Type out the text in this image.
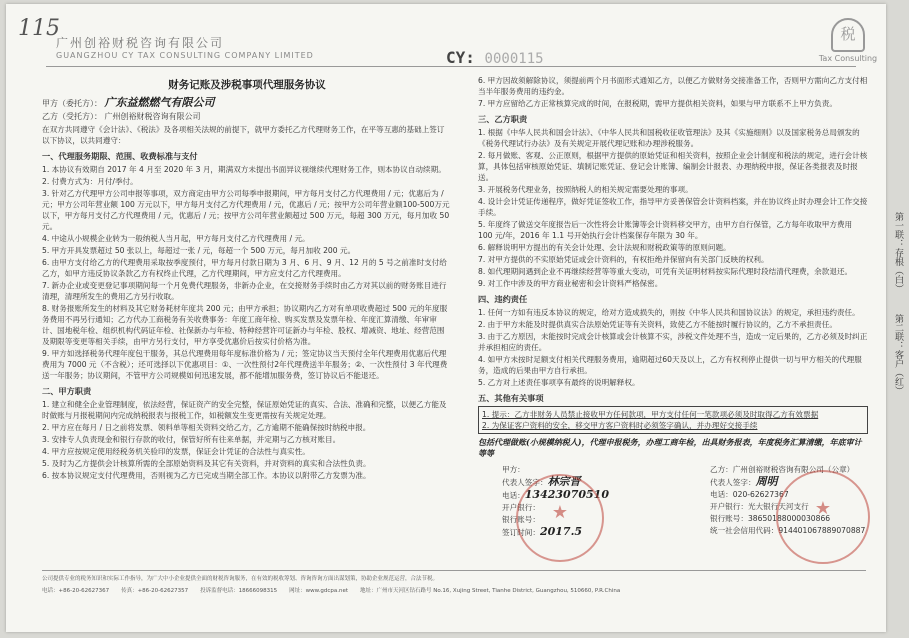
115
广州创裕财税咨询有限公司
GUANGZHOU CY TAX CONSULTING COMPANY LIMITED	CY: 0000115
税
Tax Consulting
财务记账及涉税事项代理服务协议
甲方（委托方）： 广东益燃燃气有限公司
乙方（受托方）： 广州创裕财税咨询有限公司
在双方共同遵守《会计法》、《税法》及各项相关法规的前提下，就甲方委托乙方代理财务工作，在平等互惠的基础上签订以下协议，以共同遵守：
一、代理服务期限、范围、收费标准与支付
1. 本协议有效期自 2017 年 4 月至 2020 年 3 月，期满双方未提出书面异议视继续代理财务工作，则本协议自动续期。
2. 付费方式为：月付/季付。
3. 针对乙方代理甲方公司申报等事项，双方商定由甲方公司每季申报期间，甲方每月支付乙方代理费用 / 元；优惠后为 / 元；甲方公司年营业额 100 万元以下，甲方每月支付乙方代理费用 / 元，优惠后 / 元；按甲方公司年营业额100-500万元以下，甲方每月支付乙方代理费用 / 元，优惠后 / 元；按甲方公司年营业额超过 500 万元，每超 300 万元，每月加收 50 元。
4. 中途从小规模企业转为一般纳税人当月起，甲方每月支付乙方代理费用 / 元。
5. 甲方开具发票超过 50 张以上，每超过一张 / 元，每超一个 500 万元，每月加收 200 元。
6. 由甲方支付给乙方的代理费用采取按季度预付，甲方每月付款日期为 3 月、6 月、9 月、12 月的 5 号之前准时支付给乙方，如甲方违反协议条款乙方有权终止代理，乙方代理期间，甲方应支付乙方代理费用。
7. 新办企业或变更登记事项期间每一个月免费代理服务，非新办企业，在交接财务手续时由乙方对其以前的财务账目进行清理，清理所发生的费用乙方另行收取。
8. 财务报账所发生的材料及其它财务耗材年度共 200 元；由甲方承担；协议期内乙方对有单项收费超过 500 元的年度服务费用不再另行通知；乙方代办工商税务有关收费事务：年度工商年检、购买发票及发票年检、年度汇算清缴、年审审计、国地税年检、组织机构代码证年检、社保新办与年检、特种经营许可证新办与年检、股权、增减资、地址、经营范围及期限等变更等相关手续，由甲方另行支付，甲方享受优惠价后按实付价格为准。
9. 甲方如选择税务代理年度包干服务，其总代理费用每年度标准价格为 / 元；签定协议当天预付全年代理费用优惠后代理费用为 7000 元（不含税）；还可选择以下优惠项目：①、一次性预付2年代理费送半年服务；②、一次性预付 3 年代理费送一年服务；协议期间，不管甲方公司规模如何迅速发展，都不能增加服务费，签订协议后不能退还。
二、甲方职责
1. 建立和健全企业管理制度，依法经营，保证资产的安全完整，保证原始凭证的真实、合法、准确和完整，以便乙方能及时做账与月报税期间内完成纳税报表与报税工作，如税额发生变更需按有关规定处理。
2. 甲方应在每月 / 日之前将发票、领料单等相关资料交给乙方，乙方逾期不能确保按时纳税申报。
3. 安排专人负责现金和银行存款的收付，保管好所有往来单据，并定期与乙方核对账目。
4. 甲方应按规定使用经税务机关验印的发票，保证会计凭证的合法性与真实性。
5. 及时为乙方提供会计核算所需的全部原始资料及其它有关资料，并对资料的真实和合法性负责。
6. 按本协议规定支付代理费用，否则视为乙方已完成当期全部工作。本协议以附带乙方发票为准。
6. 甲方因故须解除协议，须提前两个月书面形式通知乙方，以便乙方做财务交接准备工作，否则甲方需向乙方支付相当半年服务费用的违约金。
7. 甲方应留给乙方正常核算完成的时间，在报税期，需甲方提供相关资料，如果与甲方联系不上甲方负责。
三、乙方职责
1. 根据《中华人民共和国会计法》、《中华人民共和国税收征收管理法》及其《实施细则》以及国家税务总局颁发的《税务代理试行办法》及有关规定开展代理记账和办理涉税服务。
2. 每月做账、客观、公正原则，根据甲方提供的原始凭证和相关资料，按照企业会计制度和税法的规定，进行会计核算，具体包括审核原始凭证、填制记账凭证、登记会计账簿、编制会计报表、办理纳税申报，保证各类报表及时报送。
3. 开展税务代理业务，按照纳税人的相关规定需要处理的事项。
4. 设计会计凭证传递程序，做好凭证签收工作，指导甲方妥善保管会计资料档案，并在协议终止时办理会计工作交接手续。
5. 年度终了做送交年度报告后一次性将会计账簿等会计资料移交甲方，由甲方自行保管，乙方每年收取甲方费用 100 元/年，2016 年 1.1 号开始执行会计档案保存年限为 30 年。
6. 解释说明甲方提出的有关会计处理、会计法规和财税政策等的原则问题。
7. 对甲方提供的不实原始凭证或会计资料的，有权拒绝并保留向有关部门反映的权利。
8. 如代理期间遇到企业不再继续经营等等重大变动，可凭有关证明材料按实际代理时段结清代理费，余款退还。
9. 对工作中涉及的甲方商业秘密和会计资料严格保密。
四、违约责任
1. 任何一方如有违反本协议的规定，给对方造成损失的，则按《中华人民共和国协议法》的规定，承担违约责任。
2. 由于甲方未能及时提供真实合法原始凭证等有关资料，致使乙方不能按时履行协议的，乙方不承担责任。
3. 由于乙方原因，未能按时完成会计核算或会计核算不实，涉税文件处理不当，造成一定后果的，乙方必须及时纠正并承担相应的责任。
4. 如甲方未按时足额支付相关代理服务费用，逾期超过60天及以上，乙方有权利停止提供一切与甲方相关的代理服务，造成的后果由甲方自行承担。
5. 乙方对上述责任事项享有最终的说明解释权。
五、其他有关事项
1. 提示：乙方非财务人员禁止接收甲方任何款项，甲方支付任何一笔款项必须及时取得乙方有效票据
2. 为保证客户资料的安全，移交甲方客户资料时必须签字确认，并办理好交接手续
包括代理做账(小规模纳税人)，代理申报税务，办理工商年检，出具财务报表，年度税务汇算清缴，年底审计等等
甲方：
代表人签字：林宗晋
电话：13423070510
开户银行：
银行账号：
签订时间：2017.5
★
乙方：广州创裕财税咨询有限公司（公章）
代表人签字：周明
电话：020-62627367
开户银行：光大银行天河支行
银行账号：38650188000030866
统一社会信用代码：914401067889070887
★
公司提供专业的税务知识和实际工作指导，为广大中小企业提供全面的财税咨询服务，在有效的税收筹划、咨询咨询方面出谋划策，协助企业规范运营，合法节税。
电话：+86-20-62627367 传真：+86-20-62627357 投诉监督电话：18666098315 网址：www.gdcpa.net 地址：广州市天河区钻石路号 No.16, Xujing Street, Tianhe District, Guangzhou, 510660, P.R.China
第一联：存根（白）
第二联：客户（红）
